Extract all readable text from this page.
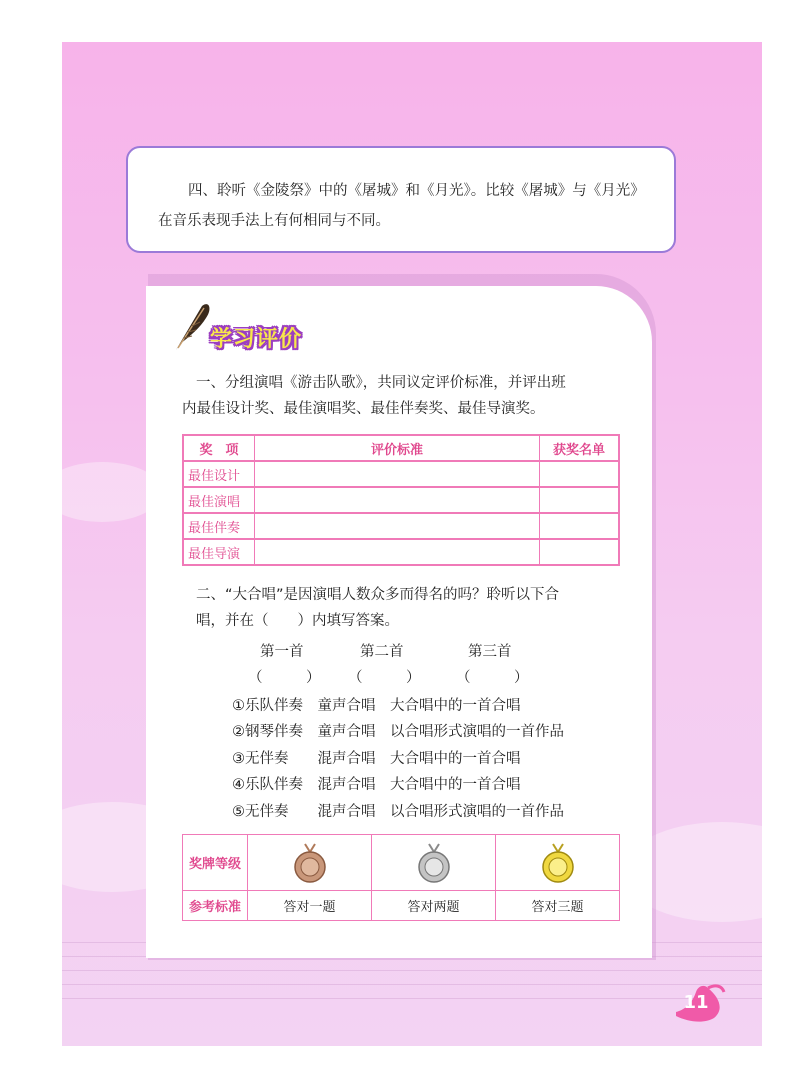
四、聆听《金陵祭》中的《屠城》和《月光》。比较《屠城》与《月光》在音乐表现手法上有何相同与不同。
学习评价
一、分组演唱《游击队歌》，共同议定评价标准，并评出班
内最佳设计奖、最佳演唱奖、最佳伴奏奖、最佳导演奖。
奖　项	评价标准	获奖名单
最佳设计		
最佳演唱		
最佳伴奏		
最佳导演		
二、“大合唱”是因演唱人数众多而得名的吗？聆听以下合
唱，并在（　　）内填写答案。
第一首	第二首	第三首
（　　　） （　　　） （　　　）
①乐队伴奏　童声合唱　大合唱中的一首合唱
②钢琴伴奏　童声合唱　以合唱形式演唱的一首作品
③无伴奏　　混声合唱　大合唱中的一首合唱
④乐队伴奏　混声合唱　大合唱中的一首合唱
⑤无伴奏　　混声合唱　以合唱形式演唱的一首作品
奖牌等级			
参考标准	答对一题	答对两题	答对三题
11
